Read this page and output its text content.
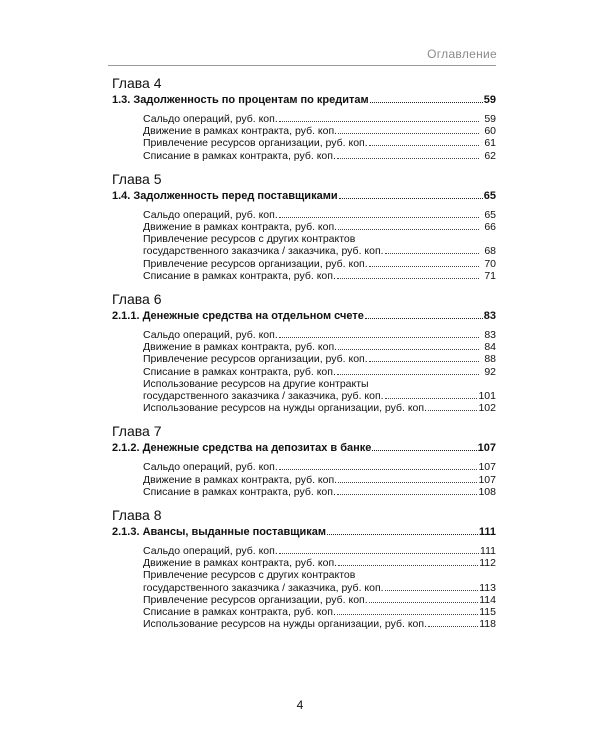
Оглавление
Глава 4
1.3. Задолженность по процентам по кредитам	59
Сальдо операций, руб. коп.	59
Движение в рамках контракта, руб. коп.	60
Привлечение ресурсов организации, руб. коп.	61
Списание в рамках контракта, руб. коп.	62
Глава 5
1.4. Задолженность перед поставщиками	65
Сальдо операций, руб. коп.	65
Движение в рамках контракта, руб. коп.	66
Привлечение ресурсов с других контрактов
государственного заказчика / заказчика, руб. коп.	68
Привлечение ресурсов организации, руб. коп.	70
Списание в рамках контракта, руб. коп.	71
Глава 6
2.1.1. Денежные средства на отдельном счете	83
Сальдо операций, руб. коп.	83
Движение в рамках контракта, руб. коп.	84
Привлечение ресурсов организации, руб. коп.	88
Списание в рамках контракта, руб. коп.	92
Использование ресурсов на другие контракты
государственного заказчика / заказчика, руб. коп.	101
Использование ресурсов на нужды организации, руб. коп.	102
Глава 7
2.1.2. Денежные средства на депозитах в банке	107
Сальдо операций, руб. коп.	107
Движение в рамках контракта, руб. коп.	107
Списание в рамках контракта, руб. коп.	108
Глава 8
2.1.3. Авансы, выданные поставщикам	111
Сальдо операций, руб. коп.	111
Движение в рамках контракта, руб. коп.	112
Привлечение ресурсов с других контрактов
государственного заказчика / заказчика, руб. коп.	113
Привлечение ресурсов организации, руб. коп.	114
Списание в рамках контракта, руб. коп.	115
Использование ресурсов на нужды организации, руб. коп.	118
4
